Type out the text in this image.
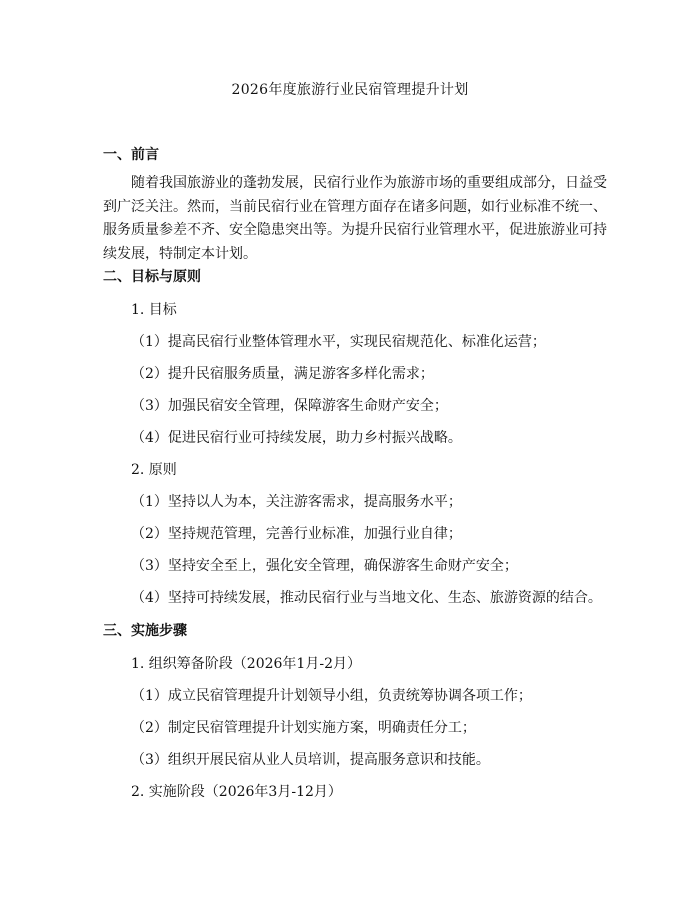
2026年度旅游行业民宿管理提升计划
一、前言
随着我国旅游业的蓬勃发展，民宿行业作为旅游市场的重要组成部分，日益受
到广泛关注。然而，当前民宿行业在管理方面存在诸多问题，如行业标准不统一、
服务质量参差不齐、安全隐患突出等。为提升民宿行业管理水平，促进旅游业可持
续发展，特制定本计划。
二、目标与原则
1. 目标
（1）提高民宿行业整体管理水平，实现民宿规范化、标准化运营；
（2）提升民宿服务质量，满足游客多样化需求；
（3）加强民宿安全管理，保障游客生命财产安全；
（4）促进民宿行业可持续发展，助力乡村振兴战略。
2. 原则
（1）坚持以人为本，关注游客需求，提高服务水平；
（2）坚持规范管理，完善行业标准，加强行业自律；
（3）坚持安全至上，强化安全管理，确保游客生命财产安全；
（4）坚持可持续发展，推动民宿行业与当地文化、生态、旅游资源的结合。
三、实施步骤
1. 组织筹备阶段（2026年1月-2月）
（1）成立民宿管理提升计划领导小组，负责统筹协调各项工作；
（2）制定民宿管理提升计划实施方案，明确责任分工；
（3）组织开展民宿从业人员培训，提高服务意识和技能。
2. 实施阶段（2026年3月-12月）
